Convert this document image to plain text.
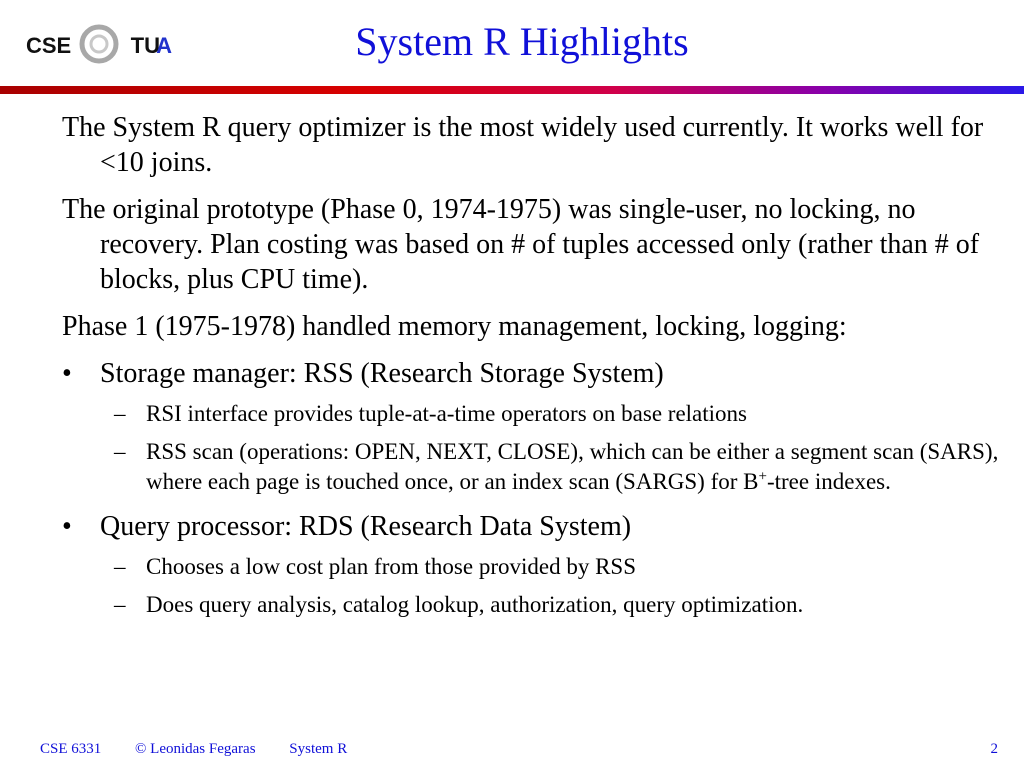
CSE	UT
A	System R Highlights

The System R query optimizer is the most widely used currently. It works well for <10 joins.

The original prototype (Phase 0, 1974-1975) was single-user, no locking, no recovery. Plan costing was based on # of tuples accessed only (rather than # of blocks, plus CPU time).

Phase 1 (1975-1978) handled memory management, locking, logging:

• Storage manager: RSS (Research Storage System)
– RSI interface provides tuple-at-a-time operators on base relations
– RSS scan (operations: OPEN, NEXT, CLOSE), which can be either a segment scan (SARS), where each page is touched once, or an index scan (SARGS) for B+-tree indexes.
• Query processor: RDS (Research Data System)
– Chooses a low cost plan from those provided by RSS
– Does query analysis, catalog lookup, authorization, query optimization.
CSE 6331 © Leonidas Fegaras System R	2
